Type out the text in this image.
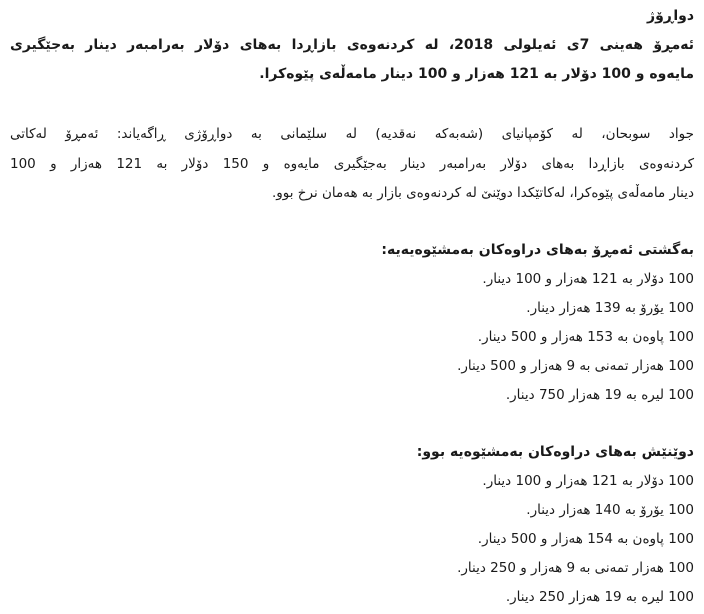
دواڕۆژ
ئەمڕۆ هەینی 7ی ئەیلولی 2018، لە کردنەوەی بازاڕدا بەهای دۆلار بەرامبەر دینار بەجێگیری
مایەوە و 100 دۆلار بە 121 هەزار و 100 دینار مامەڵەی پێوەکرا.
جواد سوبحان، لە کۆمپانیای (شەبەکە نەقدیە) لە سلێمانی بە دواڕۆژی ڕاگەیاند: ئەمڕۆ لەکاتی
کردنەوەی بازاڕدا بەهای دۆلار بەرامبەر دینار بەجێگیری مایەوە و 150 دۆلار بە 121 هەزار و 100
دینار مامەڵەی پێوەکرا، لەکاتێکدا دوێنێ لە کردنەوەی بازار بە هەمان نرخ بوو.
بەگشتی ئەمڕۆ بەهای دراوەکان بەمشێوەیەیە:
100 دۆلار بە 121 هەزار و 100 دینار.
100 یۆرۆ بە 139 هەزار دینار.
100 پاوەن بە 153 هەزار و 500 دینار.
100 هەزار تمەنی بە 9 هەزار و 500 دینار.
100 لیرە بە 19 هەزار 750 دینار.
دوێنێش بەهای دراوەکان بەمشێوەیە بوو:
100 دۆلار بە 121 هەزار و 100 دینار.
100 یۆرۆ بە 140 هەزار دینار.
100 پاوەن بە 154 هەزار و 500 دینار.
100 هەزار تمەنی بە 9 هەزار و 250 دینار.
100 لیرە بە 19 هەزار 250 دینار.
